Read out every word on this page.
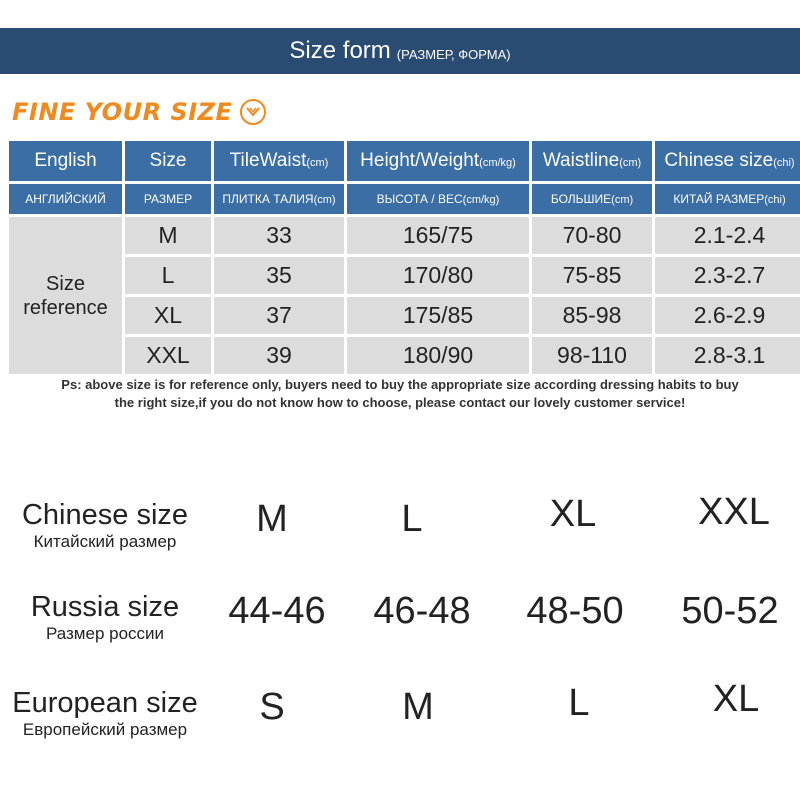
Size form (РАЗМЕР, ФОРМА)
FINE YOUR SIZE
English	Size	TileWaist(cm)	Height/Weight(cm/kg)	Waistline(cm)	Chinese size(chi)
АНГЛИЙСКИЙ	РАЗМЕР	ПЛИТКА ТАЛИЯ(cm)	ВЫСОТА / ВЕС(cm/kg)	БОЛЬШИЕ(cm)	КИТАЙ РАЗМЕР(chi)
Size reference	M	33	165/75	70-80	2.1-2.4
	L	35	170/80	75-85	2.3-2.7
	XL	37	175/85	85-98	2.6-2.9
	XXL	39	180/90	98-110	2.8-3.1
Ps: above size is for reference only, buyers need to buy the appropriate size according dressing habits to buy
the right size,if you do not know how to choose, please contact our lovely customer service!
Chinese size
Китайский размер
M	L	XL	XXL
Russia size
Размер россии
44-46	46-48	48-50	50-52
European size
Европейский размер
S	M	L	XL
